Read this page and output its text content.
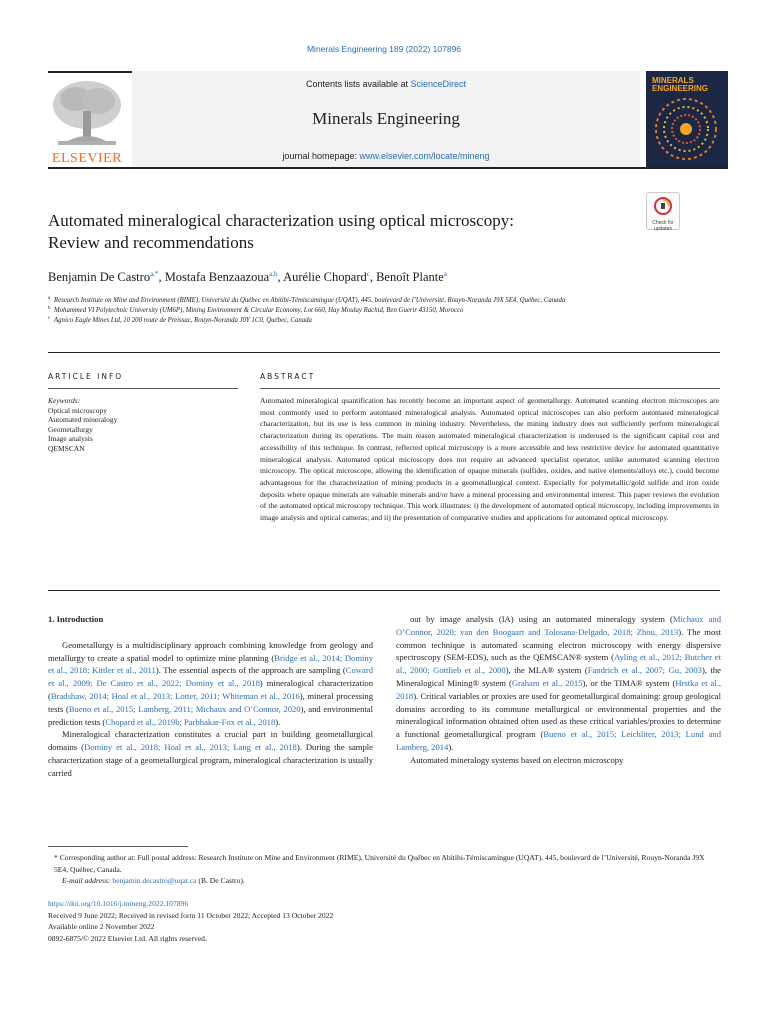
Minerals Engineering 189 (2022) 107896
ELSEVIER
Contents lists available at ScienceDirect
Minerals Engineering
journal homepage: www.elsevier.com/locate/mineng
MINERALS
ENGINEERING
Check for
updates
Automated mineralogical characterization using optical microscopy:
Review and recommendations
Benjamin De Castro$^{a,*}$, Mostafa Benzaazoua$^{a,b}$, Aurélie Chopard$^c$, Benoît Plante$^a$
a Research Institute on Mine and Environment (RIME), Université du Québec en Abitibi-Témiscamingue (UQAT), 445, boulevard de l’Université, Rouyn-Noranda J9X 5E4, Québec, Canada
b Mohammed VI Polytechnic University (UM6P), Mining Environment & Circular Economy, Lot 660, Hay Moulay Rachid, Ben Guerir 43150, Morocco
c Agnico Eagle Mines Ltd, 10 200 route de Preissac, Rouyn-Noranda J0Y 1C0, Québec, Canada
ARTICLE INFO
Keywords:
Optical microscopy
Automated mineralogy
Geometallurgy
Image analysis
QEMSCAN
ABSTRACT
Automated mineralogical quantification has recently become an important aspect of geometallurgy. Automated scanning electron microscopes are most commonly used to perform automated mineralogical analysis. Automated optical microscopes can also perform automated mineralogical characterization, but its use is less common in mining industry. Nevertheless, the mining industry does not sufficiently perform mineralogical characterization during its operations. The main reason automated mineralogical characterization is underused is the significant capital cost and accessibility of this technique. In contrast, reflected optical microscopy is a more accessible and less restrictive device for automated quantitative mineralogical analysis. Automated optical microscopy does not require an advanced specialist operator, unlike automated scanning electron microscopy. The optical microscope, allowing the identification of opaque minerals (sulfides, oxides, and native elements/alloys etc.), could become advantageous for the characterization of mining products in a geometallurgical context. Especially for polymetallic/gold sulfide and iron oxide deposits where opaque minerals are valuable minerals and/or have a mineral processing and environmental interest. This paper reviews the evolution of the automated optical microscopy technique. This work illustrates: i) the development of automated optical microscopy, including improvements in image analysis and optical cameras; and ii) the presentation of comparative studies and applications for automated optical microscopy.
1. Introduction
Geometallurgy is a multidisciplinary approach combining knowledge from geology and metallurgy to create a spatial model to optimize mine planning (Bridge et al., 2014; Dominy et al., 2018; Kittler et al., 2011). The essential aspects of the approach are sampling (Coward et al., 2009; De Castro et al., 2022; Dominy et al., 2018) mineralogical characterization (Bradshaw, 2014; Hoal et al., 2013; Lotter, 2011; Whiteman et al., 2016), mineral processing tests (Bueno et al., 2015; Lamberg, 2011; Michaux and O’Connor, 2020), and environmental prediction tests (Chopard et al., 2019b; Parbhakar-Fox et al., 2018).
Mineralogical characterization constitutes a crucial part in building geometallurgical domains (Dominy et al., 2018; Hoal et al., 2013; Lang et al., 2018). During the sample characterization stage of a geometallurgical program, mineralogical characterization is usually carried
out by image analysis (IA) using an automated mineralogy system (Michaux and O’Connor, 2020; van den Boogaart and Tolosana-Delgado, 2018; Zhou, 2013). The most common technique is automated scanning electron microscopy with energy dispersive spectroscopy (SEM-EDS), such as the QEMSCAN® system (Ayling et al., 2012; Butcher et al., 2000; Gottlieb et al., 2000), the MLA® system (Fandrich et al., 2007; Gu, 2003), the Mineralogical Mining® system (Graham et al., 2015), or the TIMA® system (Hrstka et al., 2018). Critical variables or proxies are used for geometallurgical domaining: group geological domains according to its commune metallurgical or environmental properties and the mineralogical information obtained often used as these critical variables/proxies to determine a functional geometallurgical program (Bueno et al., 2015; Leichliter, 2013; Lund and Lamberg, 2014).
Automated mineralogy systems based on electron microscopy
* Corresponding author at: Full postal address: Research Institute on Mine and Environment (RIME), Université du Québec en Abitibi-Témiscamingue (UQAT), 445, boulevard de l’Université, Rouyn-Noranda J9X 5E4, Québec, Canada.
E-mail address: benjamin.decastro@uqat.ca (B. De Castro).
https://doi.org/10.1016/j.mineng.2022.107896
Received 9 June 2022; Received in revised form 11 October 2022; Accepted 13 October 2022
Available online 2 November 2022
0892-6875/© 2022 Elsevier Ltd. All rights reserved.
